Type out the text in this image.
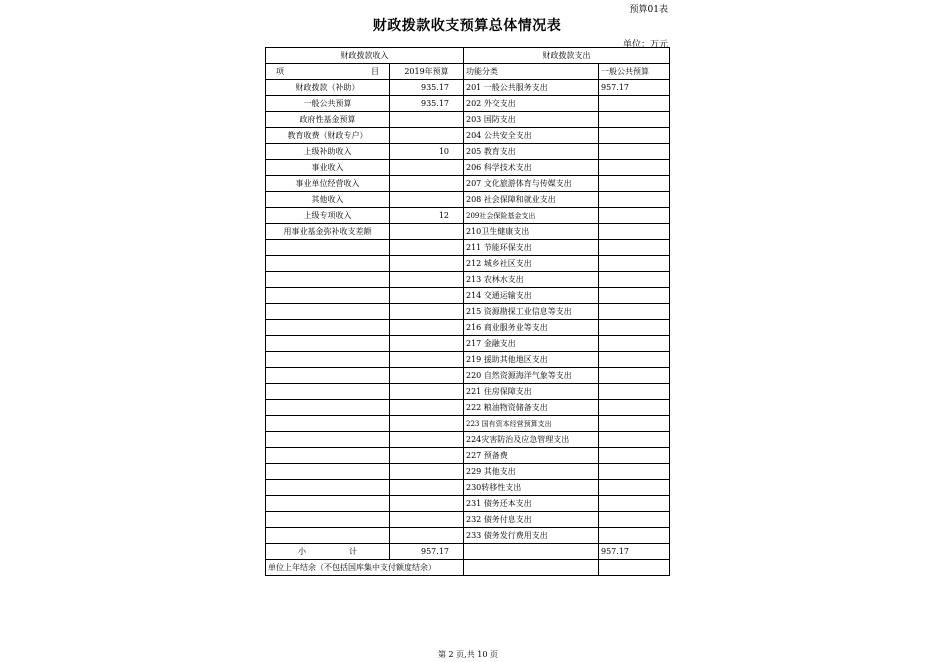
预算01表
财政拨款收支预算总体情况表
单位：万元
财政拨款收入		财政拨款支出	

项 目	2019年预算	功能分类	一般公共预算
财政拨款（补助）	935.17	201 一般公共服务支出	957.17
一般公共预算	935.17	202 外交支出	
政府性基金预算		203 国防支出	
教育收费（财政专户）		204 公共安全支出	
上级补助收入	10	205 教育支出	
事业收入		206 科学技术支出	
事业单位经营收入		207 文化旅游体育与传媒支出	
其他收入		208 社会保障和就业支出	
上级专项收入	12	209社会保险基金支出	
用事业基金弥补收支差额		210卫生健康支出	
		211 节能环保支出	
		212 城乡社区支出	
		213 农林水支出	
		214 交通运输支出	
		215 资源勘探工业信息等支出	
		216 商业服务业等支出	
		217 金融支出	
		219 援助其他地区支出	
		220 自然资源海洋气象等支出	
		221 住房保障支出	
		222 粮油物资储备支出	
		223 国有资本经营预算支出	
		224灾害防治及应急管理支出	
		227 预备费	
		229 其他支出	
		230转移性支出	
		231 债务还本支出	
		232 债务付息支出	
		233 债务发行费用支出	

小 计	957.17		957.17
单位上年结余（不包括国库集中支付额度结余）			
第 2 页,共 10 页
